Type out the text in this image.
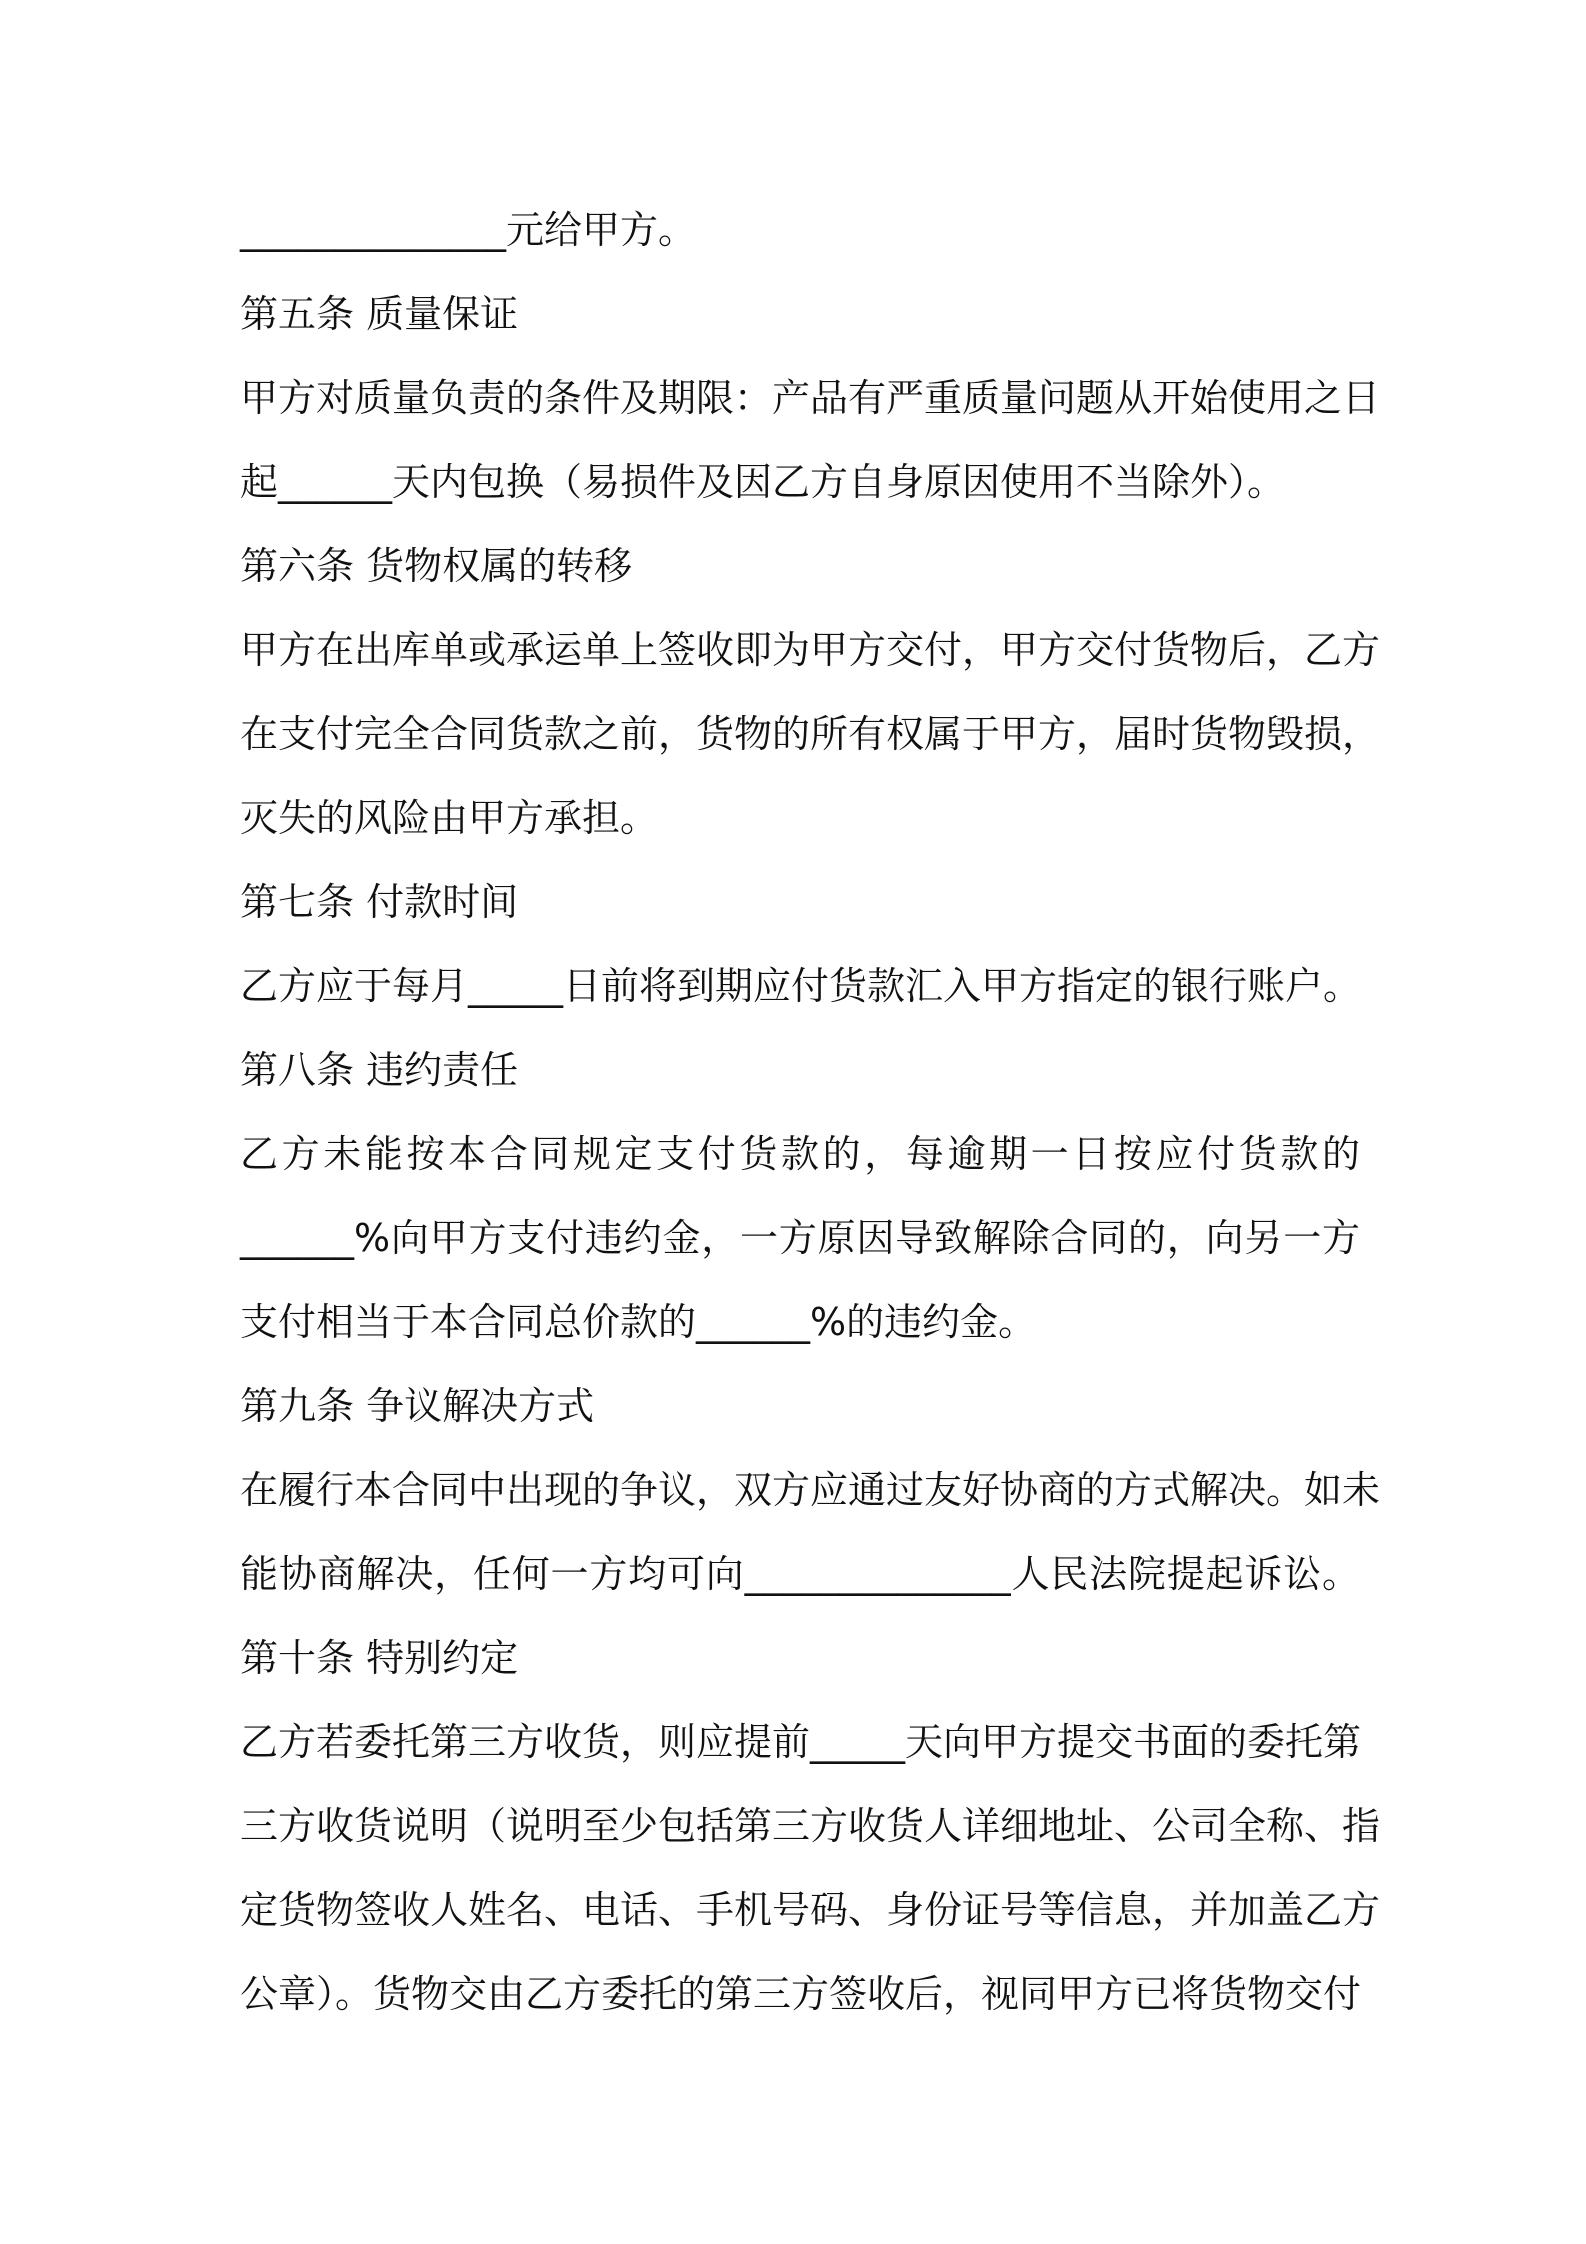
______________元给甲方。

第五条 质量保证

甲方对质量负责的条件及期限：产品有严重质量问题从开始使用之日

起______天内包换（易损件及因乙方自身原因使用不当除外）。

第六条 货物权属的转移

甲方在出库单或承运单上签收即为甲方交付，甲方交付货物后，乙方

在支付完全合同货款之前，货物的所有权属于甲方，届时货物毁损，

灭失的风险由甲方承担。

第七条 付款时间

乙方应于每月_____日前将到期应付货款汇入甲方指定的银行账户。

第八条 违约责任

乙方未能按本合同规定支付货款的，每逾期一日按应付货款的

______%向甲方支付违约金，一方原因导致解除合同的，向另一方

支付相当于本合同总价款的______%的违约金。

第九条 争议解决方式

在履行本合同中出现的争议，双方应通过友好协商的方式解决。如未

能协商解决，任何一方均可向______________人民法院提起诉讼。

第十条 特别约定

乙方若委托第三方收货，则应提前_____天向甲方提交书面的委托第

三方收货说明（说明至少包括第三方收货人详细地址、公司全称、指

定货物签收人姓名、电话、手机号码、身份证号等信息，并加盖乙方

公章）。货物交由乙方委托的第三方签收后，视同甲方已将货物交付
